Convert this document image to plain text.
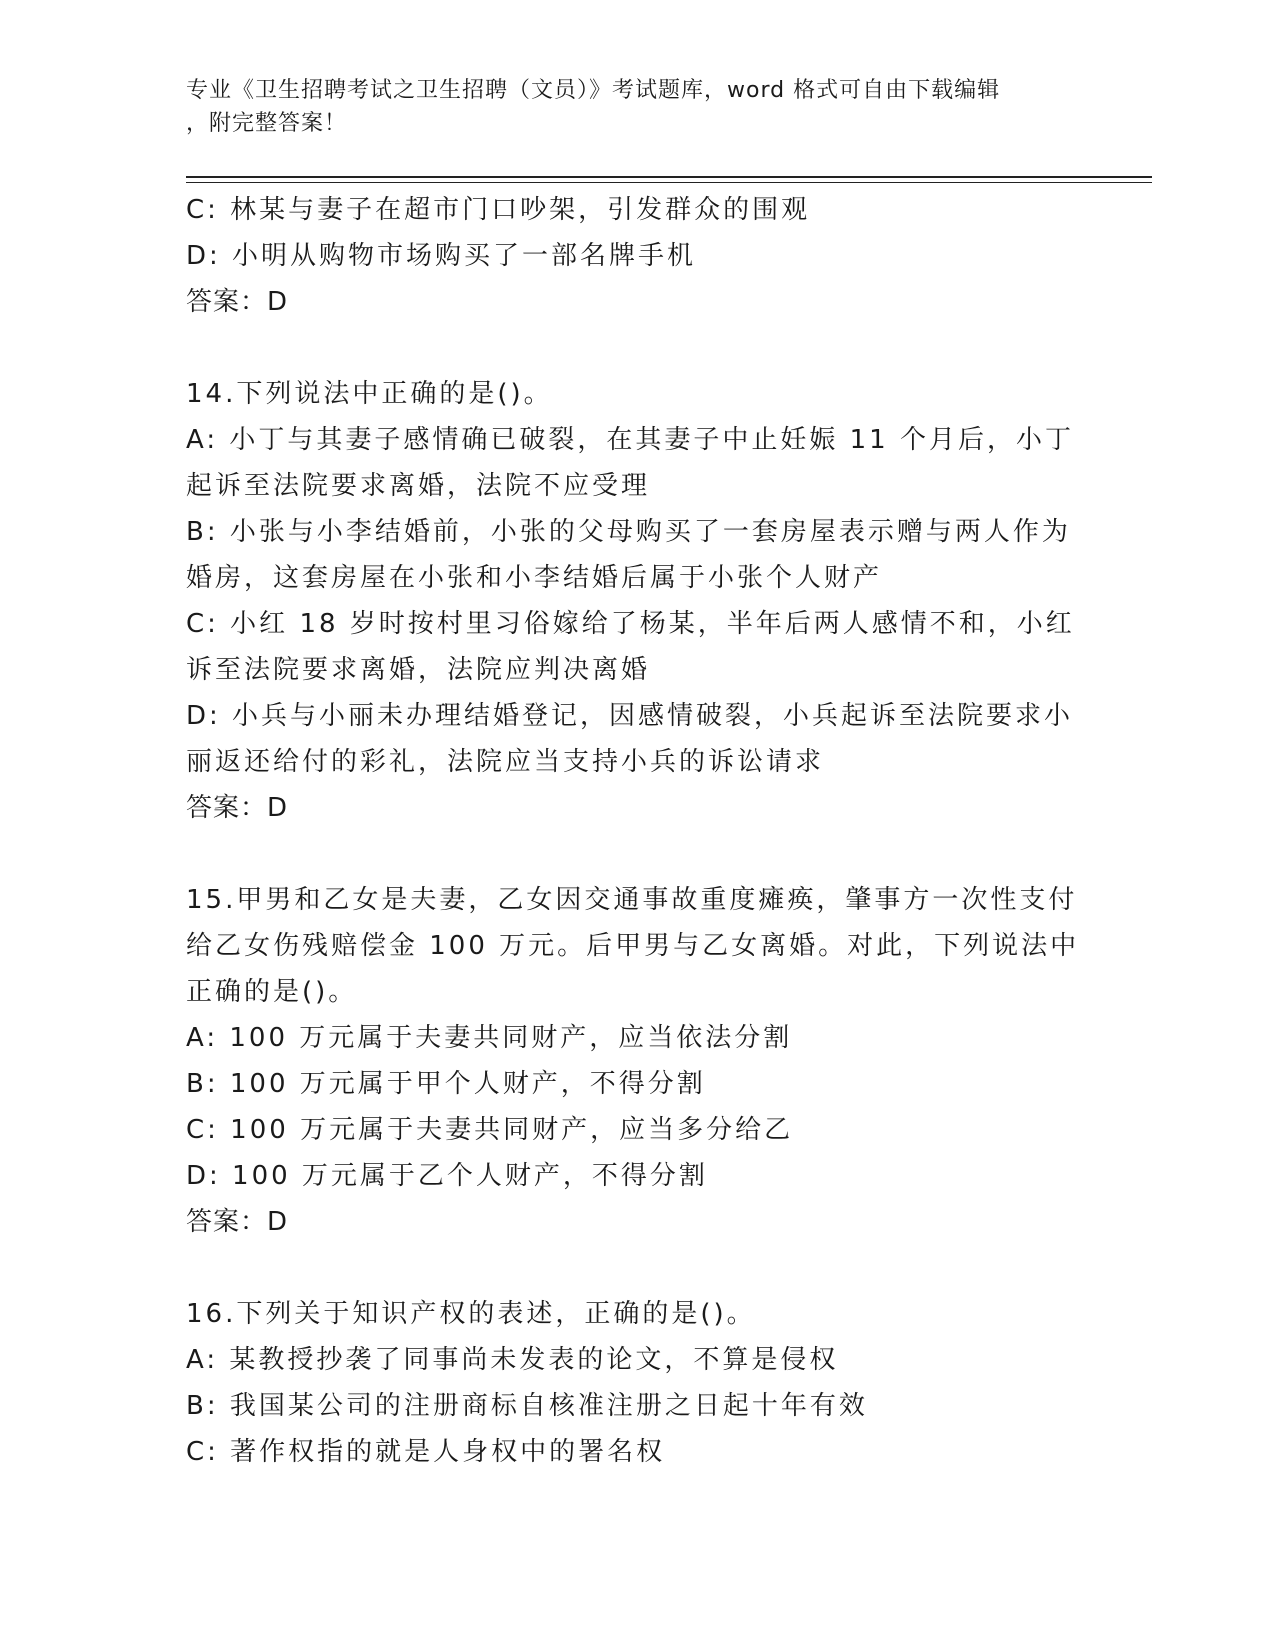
专业《卫生招聘考试之卫生招聘（文员）》考试题库，word 格式可自由下载编辑
，附完整答案！
C: 林某与妻子在超市门口吵架，引发群众的围观
D: 小明从购物市场购买了一部名牌手机
答案：D
14.下列说法中正确的是()。
A: 小丁与其妻子感情确已破裂，在其妻子中止妊娠 11 个月后，小丁
起诉至法院要求离婚，法院不应受理
B: 小张与小李结婚前，小张的父母购买了一套房屋表示赠与两人作为
婚房，这套房屋在小张和小李结婚后属于小张个人财产
C: 小红 18 岁时按村里习俗嫁给了杨某，半年后两人感情不和，小红
诉至法院要求离婚，法院应判决离婚
D: 小兵与小丽未办理结婚登记，因感情破裂，小兵起诉至法院要求小
丽返还给付的彩礼，法院应当支持小兵的诉讼请求
答案：D
15.甲男和乙女是夫妻，乙女因交通事故重度瘫痪，肇事方一次性支付
给乙女伤残赔偿金 100 万元。后甲男与乙女离婚。对此，下列说法中
正确的是()。
A: 100 万元属于夫妻共同财产，应当依法分割
B: 100 万元属于甲个人财产，不得分割
C: 100 万元属于夫妻共同财产，应当多分给乙
D: 100 万元属于乙个人财产，不得分割
答案：D
16.下列关于知识产权的表述，正确的是()。
A: 某教授抄袭了同事尚未发表的论文，不算是侵权
B: 我国某公司的注册商标自核准注册之日起十年有效
C: 著作权指的就是人身权中的署名权
